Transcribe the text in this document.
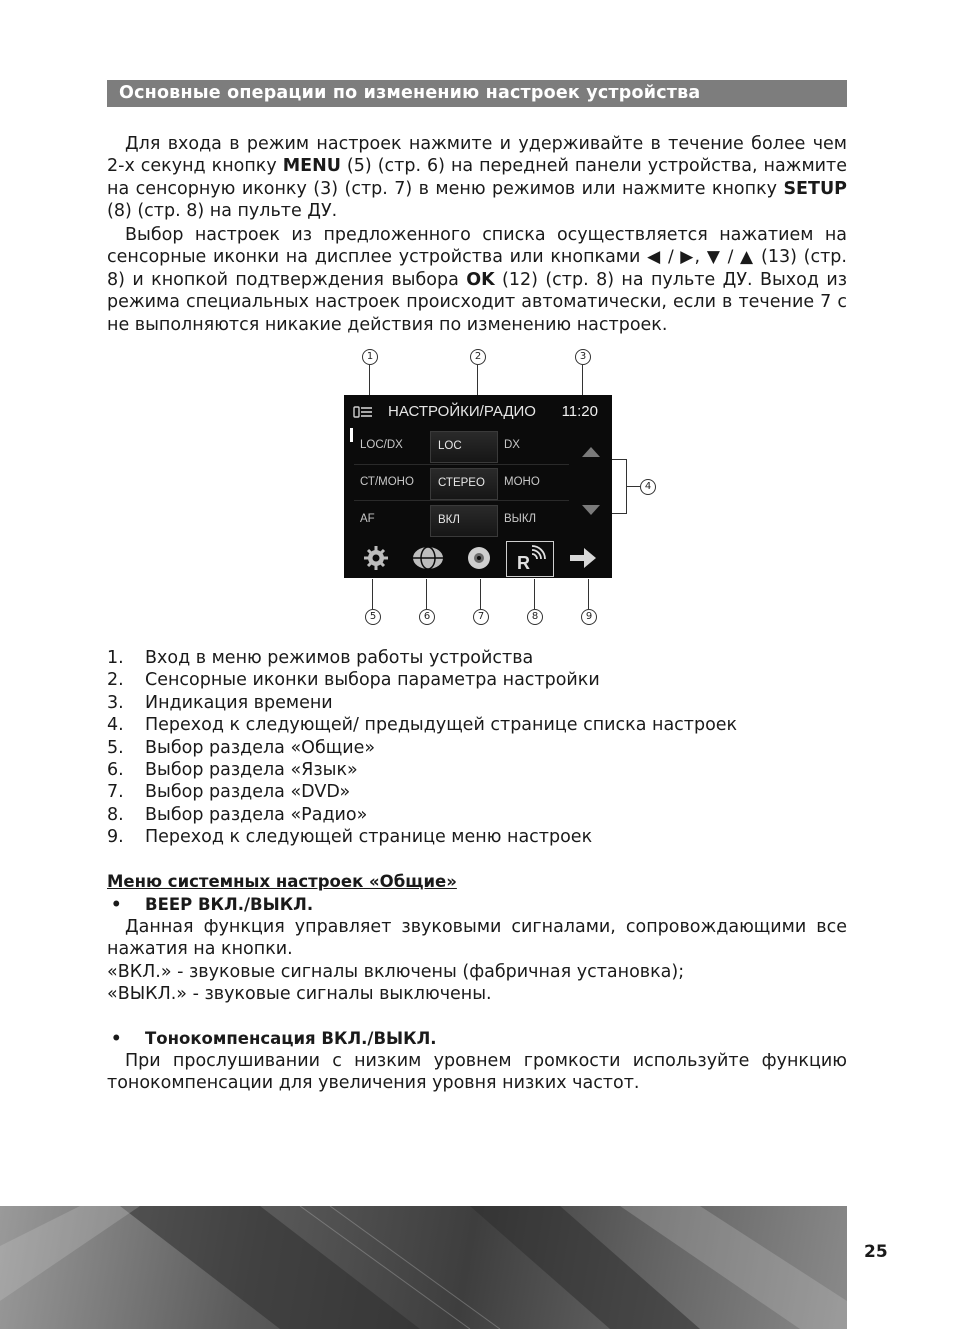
Основные операции по изменению настроек устройства

Для входа в режим настроек нажмите и удерживайте в течение более чем 2-х секунд кнопку MENU (5) (стр. 6) на передней панели устройства, нажмите на сенсорную иконку (3) (стр. 7) в меню режимов или нажмите кнопку SETUP (8) (стр. 8) на пульте ДУ.

Выбор настроек из предложенного списка осуществляется нажатием на сенсорные иконки на дисплее устройства или кнопками ◀ / ▶, ▼ / ▲ (13) (стр. 8) и кнопкой подтверждения выбора OK (12) (стр. 8) на пульте ДУ. Выход из режима специальных настроек происходит автоматически, если в течение 7 с не выполняются никакие действия по изменению настроек.

1	2	3
4
5	6	7	8	9
НАСТРОЙКИ/РАДИО 11:20
LOC/DX	LOC	DX
СТ/МОНО СТЕРЕО МОНО
AF	ВКЛ	ВЫКЛ
R
1. Вход в меню режимов работы устройства
2. Сенсорные иконки выбора параметра настройки
3. Индикация времени
4. Переход к следующей/ предыдущей странице списка настроек
5. Выбор раздела «Общие»
6. Выбор раздела «Язык»
7. Выбор раздела «DVD»
8. Выбор раздела «Радио»
9. Переход к следующей странице меню настроек
Меню системных настроек «Общие»
• BEEP ВКЛ./ВЫКЛ.

Данная функция управляет звуковыми сигналами, сопровождающими все нажатия на кнопки.

«ВКЛ.» - звуковые сигналы включены (фабричная установка);

«ВЫКЛ.» - звуковые сигналы выключены.

• Тонокомпенсация ВКЛ./ВЫКЛ.

При прослушивании с низким уровнем громкости используйте функцию тонокомпенсации для увеличения уровня низких частот.

25
